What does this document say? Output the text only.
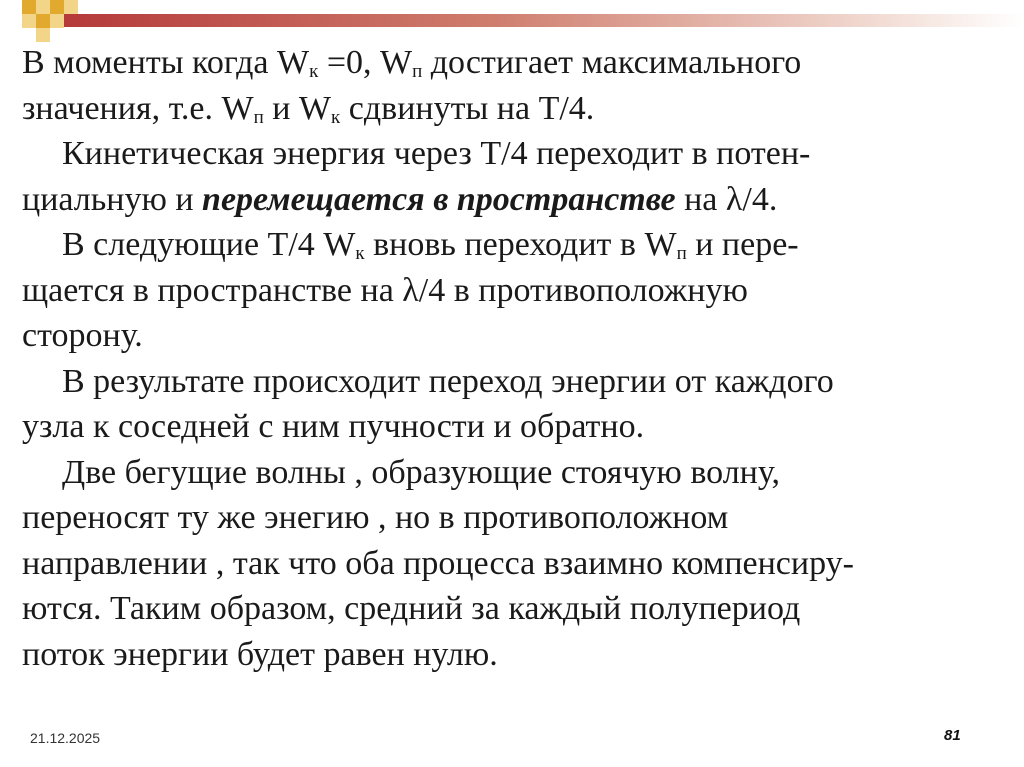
В моменты когда $W_к =0$, $W_п$ достигает максимального
значения, т.е. $W_п$ и $W_к$ сдвинуты на Т/4.
Кинетическая энергия через Т/4 переходит в потен-
циальную и перемещается в пространстве на λ/4.
В следующие Т/4 $W_к$ вновь переходит в $W_п$ и пере-
щается в пространстве на λ/4 в противоположную
сторону.
В результате происходит переход энергии от каждого
узла к соседней с ним пучности и обратно.
Две бегущие волны , образующие стоячую волну,
переносят ту же энегию , но в противоположном
направлении , так что оба процесса взаимно компенсиру-
ются. Таким образом, средний за каждый полупериод
поток энергии будет равен нулю.
21.12.2025	81
